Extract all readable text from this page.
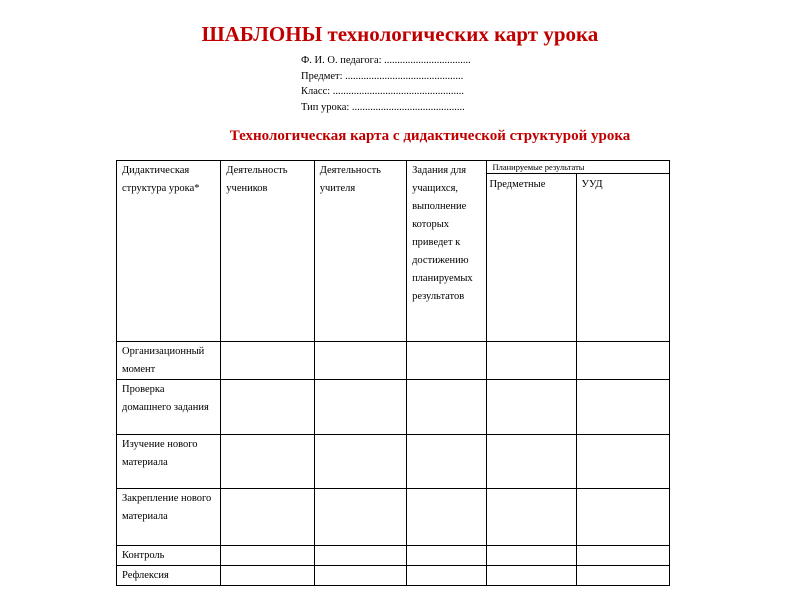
ШАБЛОНЫ технологических карт урока
Ф. И. О. педагога: .................................
Предмет: .............................................
Класс: ..................................................
Тип урока: ...........................................
Технологическая карта с дидактической структурой урока
Дидактическая структура урока*	Деятельность учеников	Деятельность учителя	Задания для учащихся, выполнение которых приведет к достижению планируемых результатов	Планируемые результаты	
				Предметные	УУД
Организационный момент					
Проверка домашнего задания					
Изучение нового материала					
Закрепление нового материала					
Контроль					
Рефлексия					
